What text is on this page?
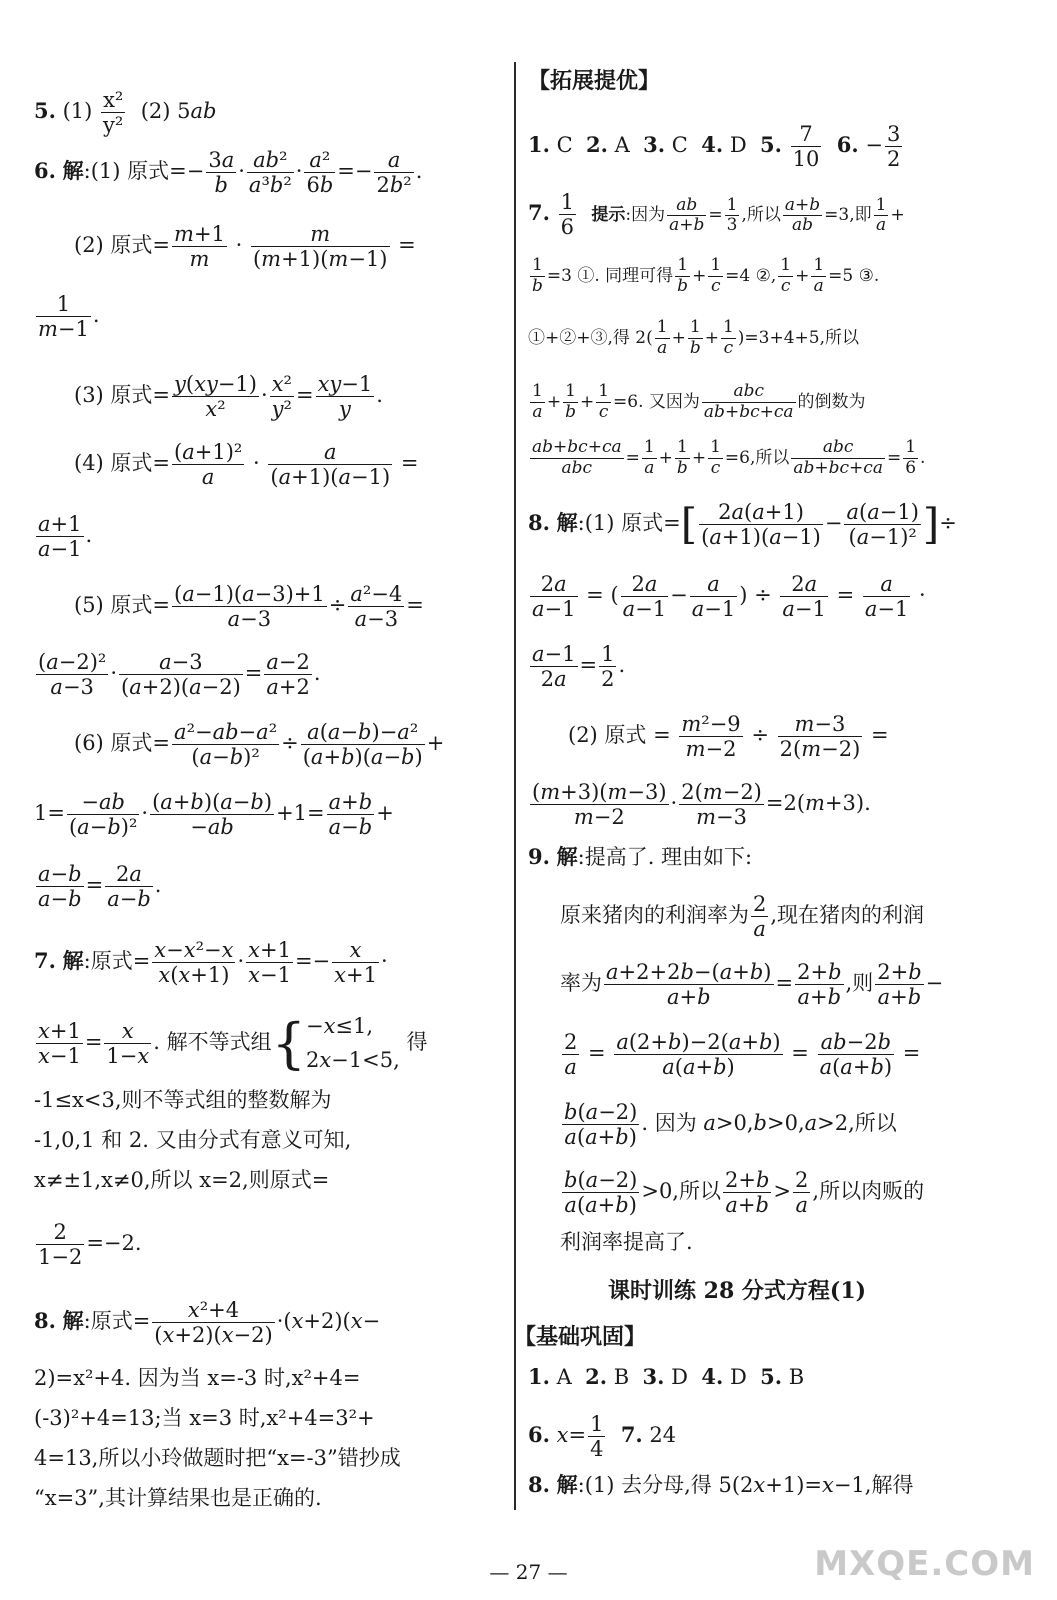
5. $(1) \frac{\text{x²}}{\text{y²}} (2)$ 5ab
6. 解:(1) 原式=− $\frac{3a}{b} \cdot \frac{\text{ab²}}{\text{a³b²}} \cdot \frac{\text{a²}}{6b} =- \frac{a}{\text{2b²}}$ .
(2) 原式= $\frac{m+1}{m} \cdot \frac{m}{(m+1)(m-1)}$ =
$\frac{1}{m-1}$ .
(3) 原式= $\frac{y(xy-1)}{\text{x²}} \cdot \frac{\text{x²}}{\text{y²}} = \frac{xy-1}{y}$ .
(4) 原式= $\frac{\text{(a+1)²}}{a} \cdot \frac{a}{(a+1)(a-1)}$ =
$\frac{a+1}{a-1}$ .
(5) 原式= $\frac{(a-1)(a-3)+1}{a-3} \div \frac{\text{a²−4}}{a-3}$ =
$\frac{\text{(a−2)²}}{a-3} \cdot \frac{a-3}{(a+2)(a-2)} = \frac{a-2}{a+2}$ .
(6) 原式= $\frac{\text{a²−ab−a²}}{\text{(a−b)²}} \div \frac{\text{a(a−b)−a²}}{(a+b)(a-b)}$ +
$1= \frac{-ab}{\text{(a−b)²}} \cdot \frac{(a+b)(a-b)}{-ab} +1= \frac{a+b}{a-b}$ +
$\frac{a-b}{a-b} = \frac{2a}{a-b}$ .
7. 解:原式= $\frac{\text{x−x²−x}}{x(x+1)} \cdot \frac{x+1}{x-1} =- \frac{x}{x+1}$ ·
$\frac{x+1}{x-1} = \frac{x}{1-x}$ . 解不等式组{−x≤1,
2x−1<5, 得
-1≤x<3,则不等式组的整数解为
-1,0,1 和 2. 又由分式有意义可知,
x≠±1,x≠0,所以 x=2,则原式=
$\frac{2}{1-2} =-2$.
8. 解:原式= $\frac{\text{x²+4}}{(x+2)(x-2)} \cdot(x+2)(x-$
2)=x²+4. 因为当 x=-3 时,x²+4=
(-3)²+4=13;当 x=3 时,x²+4=3²+
4=13,所以小玲做题时把“x=-3”错抄成
“x=3”,其计算结果也是正确的.
【拓展提优】
1. C  2. A  3. C  4. D  5. $\frac{7}{10} 6$. − $\frac{3}{2}$
7. $\frac{1}{6}$ 提示:因为 $\frac{ab}{a+b} = \frac{1}{3}$ ,所以 $\frac{a+b}{ab} =3$,即 $\frac{1}{a}$ +
$\frac{1}{b} =3$ ①. 同理可得 $\frac{1}{b} + \frac{1}{c} =4$ ②, $\frac{1}{c} + \frac{1}{a} =5$ ③.
①+②+③,得 $2( \frac{1}{a} + \frac{1}{b} + \frac{1}{c} )=3+4+5$,所以
$\frac{1}{a} + \frac{1}{b} + \frac{1}{c} =6$. 又因为 $\frac{\text{abc}}{ab+bc+ca}$ 的倒数为
$\frac{ab+bc+ca}{\text{abc}} = \frac{1}{a} + \frac{1}{b} + \frac{1}{c} =6$,所以 $\frac{\text{abc}}{ab+bc+ca} = \frac{1}{6}$ .
8. 解:(1) 原式=[ $\frac{2a(a+1)}{(a+1)(a-1)} - \frac{a(a-1)}{\text{(a−1)²}}$ ]÷
$\frac{2a}{a-1}$ = ( $\frac{2a}{a-1} - \frac{a}{a-1}$ ) ÷ $\frac{2a}{a-1} = \frac{a}{a-1}$ ·
$\frac{a-1}{2a} = \frac{1}{2}$ .
(2) 原式 = $\frac{\text{m²−9}}{m-2} \div \frac{m-3}{2(m-2)}$ =
$\frac{(m+3)(m-3)}{m-2} \cdot \frac{2(m-2)}{m-3} =2(m+3)$.
9. 解:提高了. 理由如下:
原来猪肉的利润率为 $\frac{2}{a}$ ,现在猪肉的利润
率为 $\frac{a+2+2b-(a+b)}{a+b} = \frac{2+b}{a+b}$ ,则 $\frac{2+b}{a+b}$ −
$\frac{2}{a} = \frac{a(2+b)-2(a+b)}{a(a+b)} = \frac{ab-2b}{a(a+b)}$ =
$\frac{b(a-2)}{a(a+b)}$ . 因为 a>0,b>0,a>2,所以
$\frac{b(a-2)}{a(a+b)} >0$,所以 $\frac{2+b}{a+b} > \frac{2}{a}$ ,所以肉贩的
利润率提高了.
课时训练 28 分式方程(1)
【基础巩固】
1. A  2. B  3. D  4. D  5. B
6. $x= \frac{1}{4} 7$. 24
8. 解:(1) 去分母,得 5(2x+1)=x−1,解得
— 27 —	MXQE.COM
